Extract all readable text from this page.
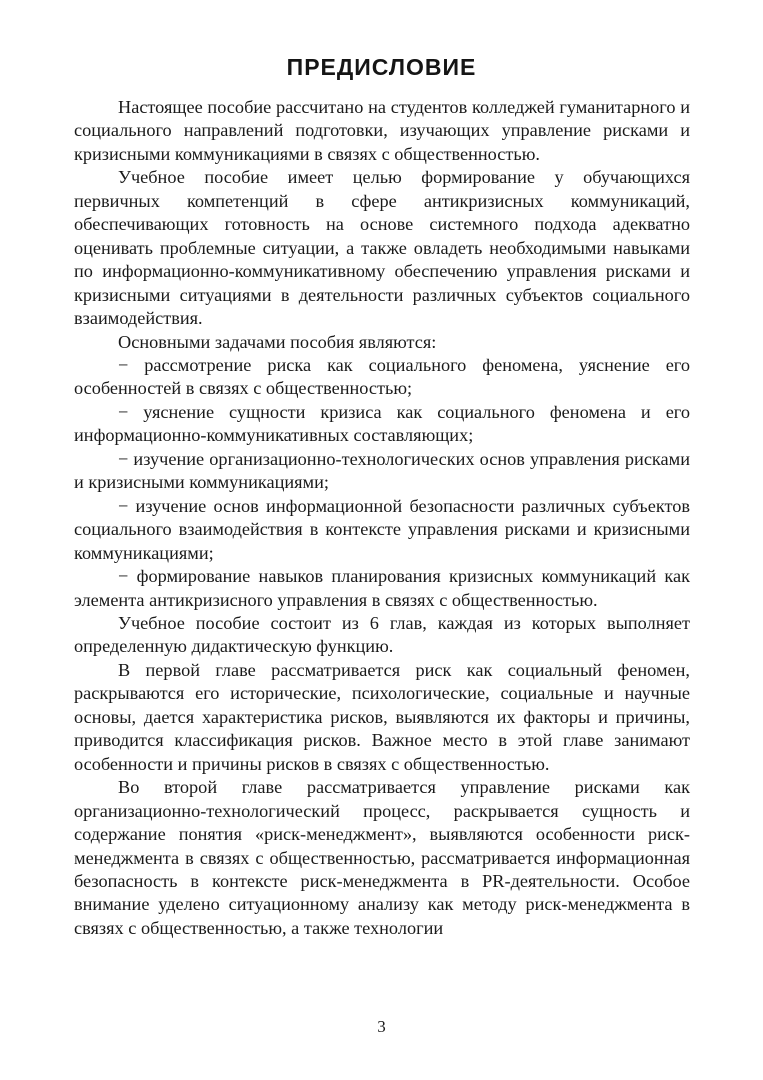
ПРЕДИСЛОВИЕ

Настоящее пособие рассчитано на студентов колледжей гуманитарного и социального направлений подготовки, изучающих управление рисками и кризисными коммуникациями в связях с общественностью.

Учебное пособие имеет целью формирование у обучающихся первичных компетенций в сфере антикризисных коммуникаций, обеспечивающих готовность на основе системного подхода адекватно оценивать проблемные ситуации, а также овладеть необходимыми навыками по информационно-коммуникативному обеспечению управления рисками и кризисными ситуациями в деятельности различных субъектов социального взаимодействия.

Основными задачами пособия являются:

− рассмотрение риска как социального феномена, уяснение его особенностей в связях с общественностью;

− уяснение сущности кризиса как социального феномена и его информационно-коммуникативных составляющих;

− изучение организационно-технологических основ управления рисками и кризисными коммуникациями;

− изучение основ информационной безопасности различных субъектов социального взаимодействия в контексте управления рисками и кризисными коммуникациями;

− формирование навыков планирования кризисных коммуникаций как элемента антикризисного управления в связях с общественностью.

Учебное пособие состоит из 6 глав, каждая из которых выполняет определенную дидактическую функцию.

В первой главе рассматривается риск как социальный феномен, раскрываются его исторические, психологические, социальные и научные основы, дается характеристика рисков, выявляются их факторы и причины, приводится классификация рисков. Важное место в этой главе занимают особенности и причины рисков в связях с общественностью.

Во второй главе рассматривается управление рисками как организационно-технологический процесс, раскрывается сущность и содержание понятия «риск-менеджмент», выявляются особенности риск-менеджмента в связях с общественностью, рассматривается информационная безопасность в контексте риск-менеджмента в PR-деятельности. Особое внимание уделено ситуационному анализу как методу риск-менеджмента в связях с общественностью, а также технологии

3
